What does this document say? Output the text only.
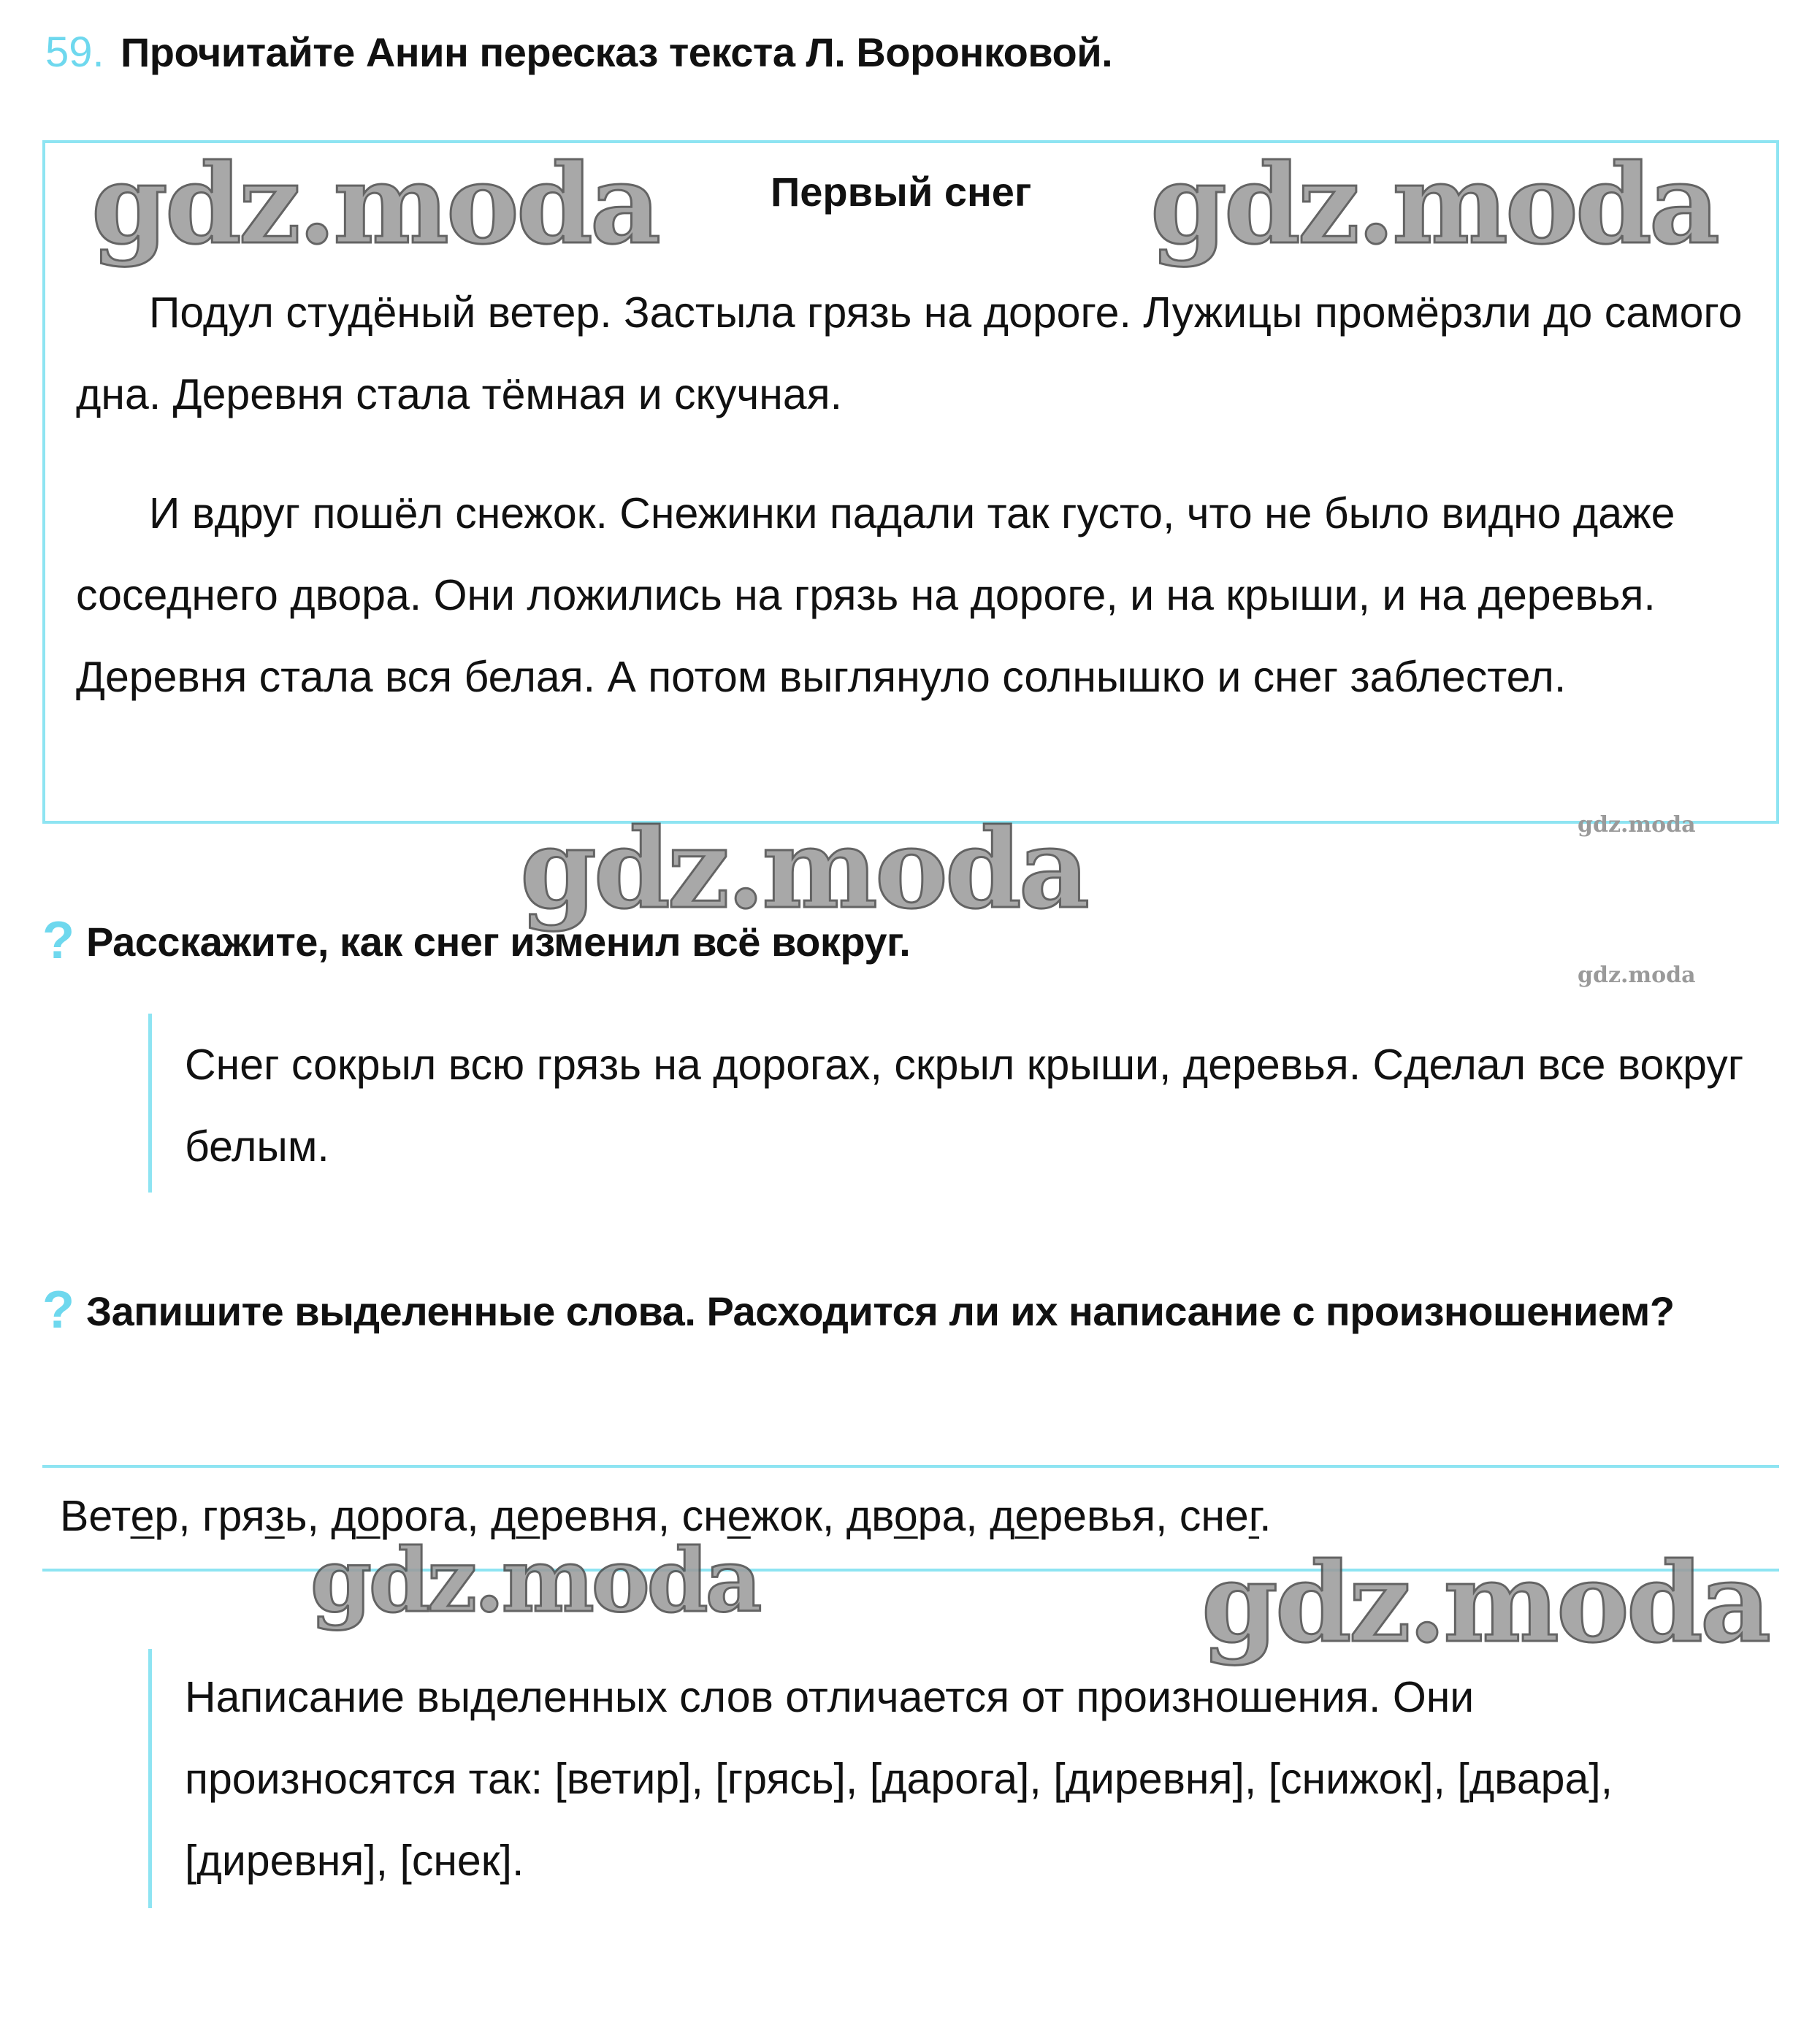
59. Прочитайте Анин пересказ текста Л. Воронковой.
Первый снег
Подул студёный ветер. Застыла грязь на дороге. Лужицы промёрзли до самого дна. Деревня стала тёмная и скучная.
И вдруг пошёл снежок. Снежинки падали так густо, что не было видно даже соседнего двора. Они ложились на грязь на дороге, и на крыши, и на деревья. Деревня стала вся белая. А потом выглянуло солнышко и снег заблестел.
? Расскажите, как снег изменил всё вокруг.
Снег сокрыл всю грязь на дорогах, скрыл крыши, деревья. Сделал все вокруг белым.
? Запишите выделенные слова. Расходится ли их написание с произношением?
Ветер, грязь, дорога, деревня, снежок, двора, деревья, снег.
Написание выделенных слов отличается от произношения. Они произносятся так: [ветир], [грясь], [дарога], [диревня], [снижок], [двара], [диревня], [снек].
gdz.moda	gdz.moda
gdz.moda
gdz.moda	gdz.moda
gdz.moda
gdz.moda
